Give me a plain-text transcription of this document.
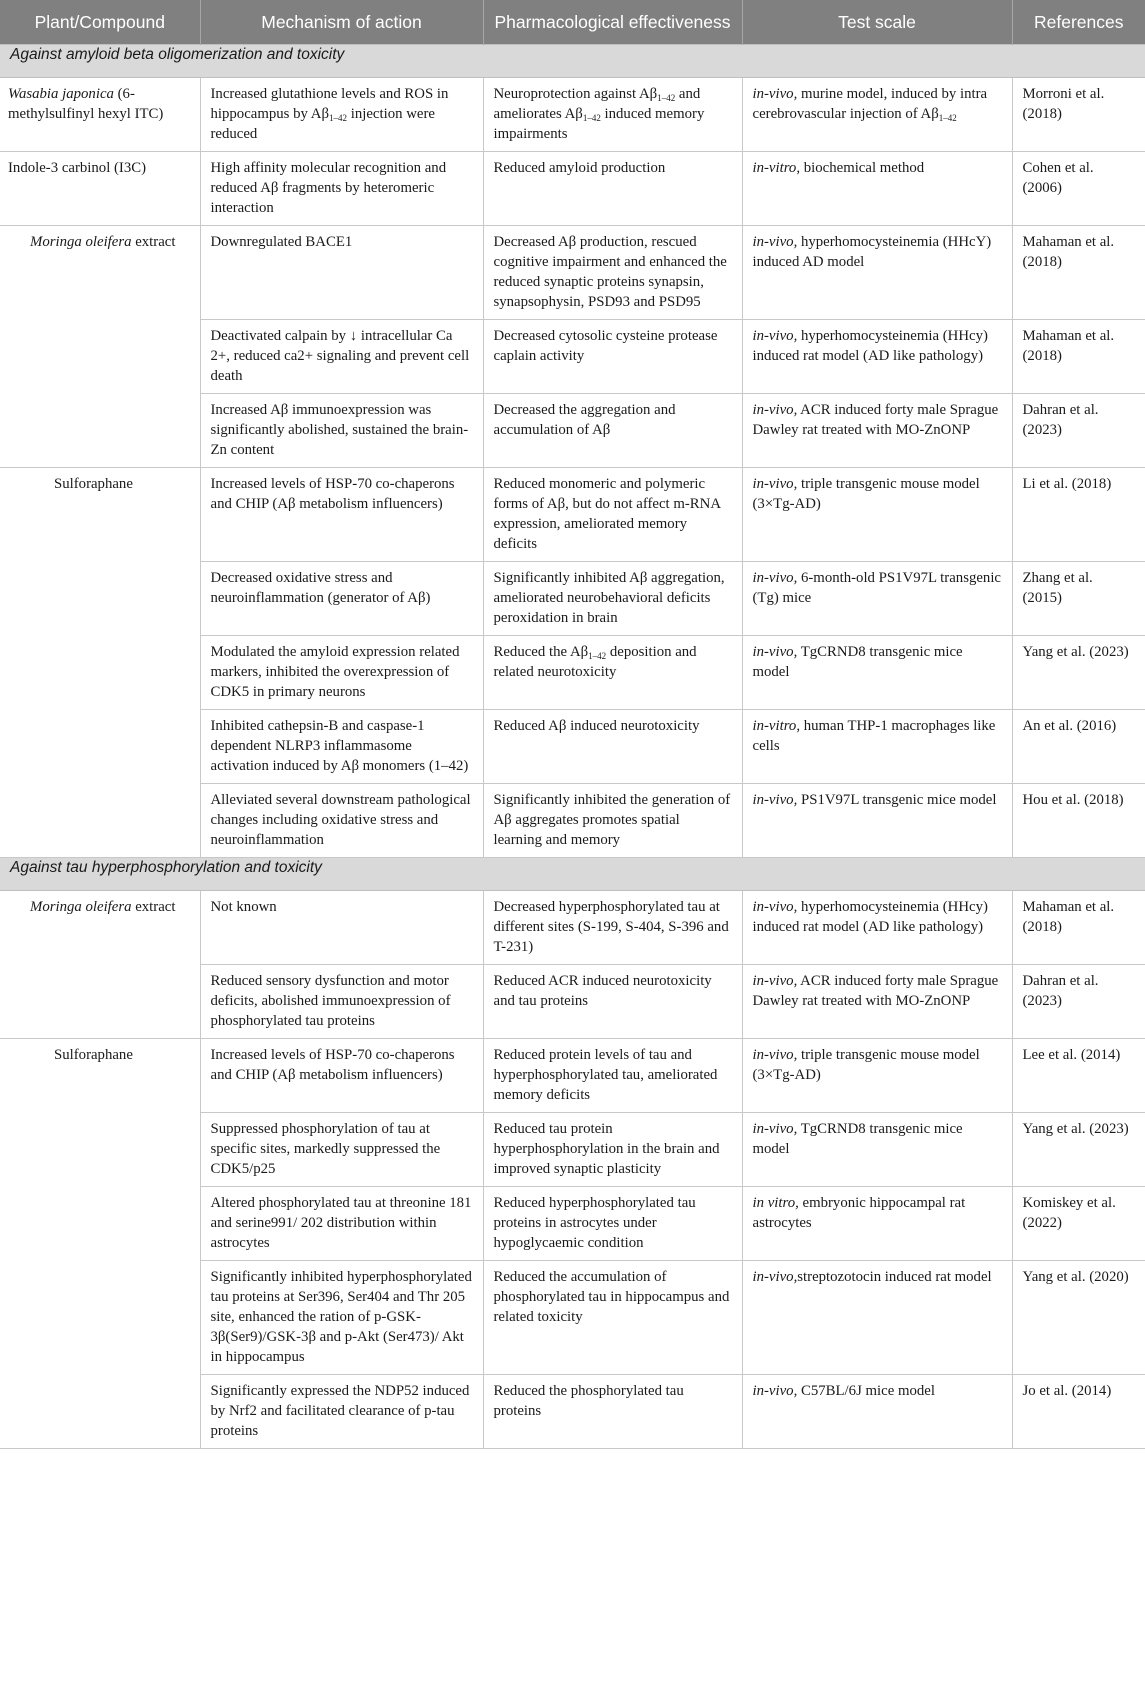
Plant/Compound	Mechanism of action	Pharmacological effectiveness	Test scale	References
Against amyloid beta oligomerization and toxicity				
Wasabia japonica (6-methylsulfinyl hexyl ITC)	Increased glutathione levels and ROS in hippocampus by $A\beta_{1-42}$ injection were reduced	Neuroprotection against $A\beta_{1-42}$ and ameliorates $A\beta_{1-42}$ induced memory impairments	in-vivo, murine model, induced by intra cerebrovascular injection of $A\beta_{1-42}$	Morroni et al. (2018)
Indole-3 carbinol (I3C)	High affinity molecular recognition and reduced Aβ fragments by heteromeric interaction	Reduced amyloid production	in-vitro, biochemical method	Cohen et al. (2006)
Moringa oleifera extract	Downregulated BACE1	Decreased Aβ production, rescued cognitive impairment and enhanced the reduced synaptic proteins synapsin, synapsophysin, PSD93 and PSD95	in-vivo, hyperhomocysteinemia (HHcY) induced AD model	Mahaman et al. (2018)
	Deactivated calpain by ↓ intracellular Ca 2+, reduced ca2+ signaling and prevent cell death	Decreased cytosolic cysteine protease caplain activity	in-vivo, hyperhomocysteinemia (HHcy) induced rat model (AD like pathology)	Mahaman et al. (2018)
	Increased Aβ immunoexpression was significantly abolished, sustained the brain-Zn content	Decreased the aggregation and accumulation of Aβ	in-vivo, ACR induced forty male Sprague Dawley rat treated with MO-ZnONP	Dahran et al. (2023)
Sulforaphane	Increased levels of HSP-70 co-chaperons and CHIP (Aβ metabolism influencers)	Reduced monomeric and polymeric forms of Aβ, but do not affect m-RNA expression, ameliorated memory deficits	in-vivo, triple transgenic mouse model (3×Tg-AD)	Li et al. (2018)
	Decreased oxidative stress and neuroinflammation (generator of Aβ)	Significantly inhibited Aβ aggregation, ameliorated neurobehavioral deficits peroxidation in brain	in-vivo, 6-month-old PS1V97L transgenic (Tg) mice	Zhang et al. (2015)
	Modulated the amyloid expression related markers, inhibited the overexpression of CDK5 in primary neurons	Reduced the $A\beta_{1-42}$ deposition and related neurotoxicity	in-vivo, TgCRND8 transgenic mice model	Yang et al. (2023)
	Inhibited cathepsin-B and caspase-1 dependent NLRP3 inflammasome activation induced by Aβ monomers (1–42)	Reduced Aβ induced neurotoxicity	in-vitro, human THP-1 macrophages like cells	An et al. (2016)
	Alleviated several downstream pathological changes including oxidative stress and neuroinflammation	Significantly inhibited the generation of Aβ aggregates promotes spatial learning and memory	in-vivo, PS1V97L transgenic mice model	Hou et al. (2018)
Against tau hyperphosphorylation and toxicity				
Moringa oleifera extract	Not known	Decreased hyperphosphorylated tau at different sites (S-199, S-404, S-396 and T-231)	in-vivo, hyperhomocysteinemia (HHcy) induced rat model (AD like pathology)	Mahaman et al. (2018)
	Reduced sensory dysfunction and motor deficits, abolished immunoexpression of phosphorylated tau proteins	Reduced ACR induced neurotoxicity and tau proteins	in-vivo, ACR induced forty male Sprague Dawley rat treated with MO-ZnONP	Dahran et al. (2023)
Sulforaphane	Increased levels of HSP-70 co-chaperons and CHIP (Aβ metabolism influencers)	Reduced protein levels of tau and hyperphosphorylated tau, ameliorated memory deficits	in-vivo, triple transgenic mouse model (3×Tg-AD)	Lee et al. (2014)
	Suppressed phosphorylation of tau at specific sites, markedly suppressed the CDK5/p25	Reduced tau protein hyperphosphorylation in the brain and improved synaptic plasticity	in-vivo, TgCRND8 transgenic mice model	Yang et al. (2023)
	Altered phosphorylated tau at threonine 181 and serine991/ 202 distribution within astrocytes	Reduced hyperphosphorylated tau proteins in astrocytes under hypoglycaemic condition	in vitro, embryonic hippocampal rat astrocytes	Komiskey et al. (2022)
	Significantly inhibited hyperphosphorylated tau proteins at Ser396, Ser404 and Thr 205 site, enhanced the ration of p-GSK-3β(Ser9)/GSK-3β and p-Akt (Ser473)/ Akt in hippocampus	Reduced the accumulation of phosphorylated tau in hippocampus and related toxicity	in-vivo,streptozotocin induced rat model	Yang et al. (2020)
	Significantly expressed the NDP52 induced by Nrf2 and facilitated clearance of p-tau proteins	Reduced the phosphorylated tau proteins	in-vivo, C57BL/6J mice model	Jo et al. (2014)
